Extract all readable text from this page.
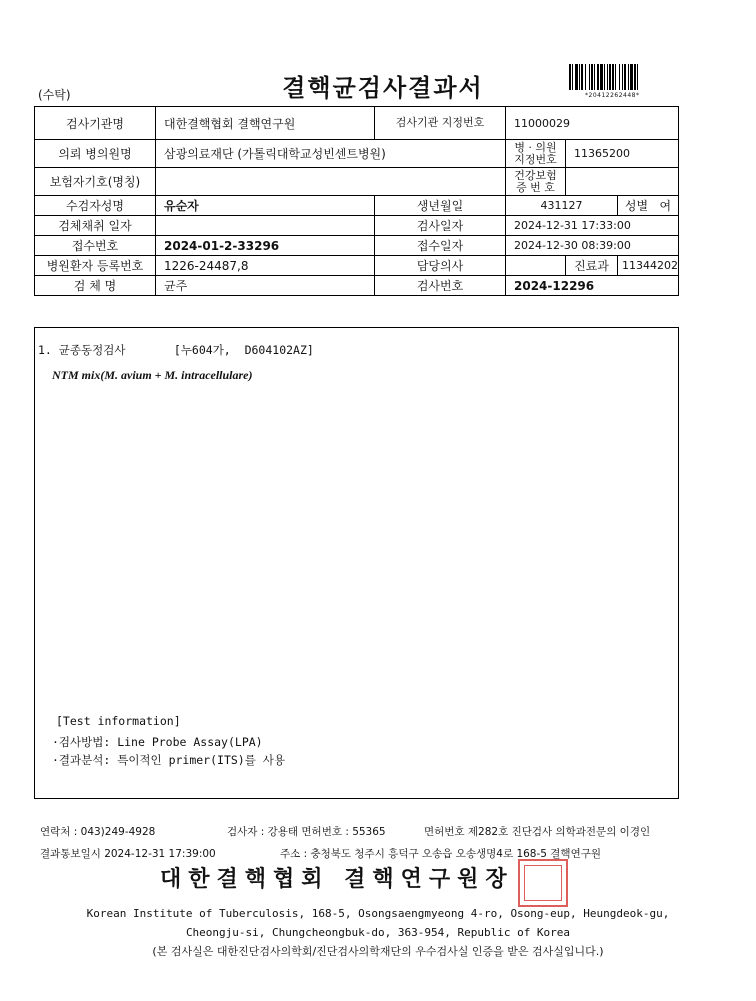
(수탁)	결핵균검사결과서	*20412262448*
검사기관명	대한결핵협회 결핵연구원	검사기관 지정번호	11000029		
의뢰 병의원명	삼광의료재단 (가톨릭대학교성빈센트병원)		병 · 의원 지정번호	11365200	
보험자기호(명칭)			건강보험 증 번 호		
수검자성명	유순자	생년월일	431127		성별 여
검체채취 일자		검사일자	2024-12-31 17:33:00		
접수번호	2024-01-2-33296	접수일자	2024-12-30 08:39:00		
병원환자 등록번호	1226-24487,8	담당의사		진료과	11344202
검 체 명	균주	검사번호	2024-12296		
1. 균종동정검사       [누604가,  D604102AZ]
NTM mix(M. avium + M. intracellulare)
[Test information]
·검사방법: Line Probe Assay(LPA)
·결과분석: 특이적인 primer(ITS)를 사용
연락처 : 043)249-4928	검사자 : 강용태 면허번호 : 55365	면허번호 제282호 진단검사 의학과전문의 이경인
결과통보일시 2024-12-31 17:39:00	주소 : 충청북도 청주시 흥덕구 오송읍 오송생명4로 168-5 결핵연구원
대한결핵협회 결핵연구원장
Korean Institute of Tuberculosis, 168-5, Osongsaengmyeong 4-ro, Osong-eup, Heungdeok-gu,
Cheongju-si, Chungcheongbuk-do, 363-954, Republic of Korea
(본 검사실은 대한진단검사의학회/진단검사의학재단의 우수검사실 인증을 받은 검사실입니다.)
